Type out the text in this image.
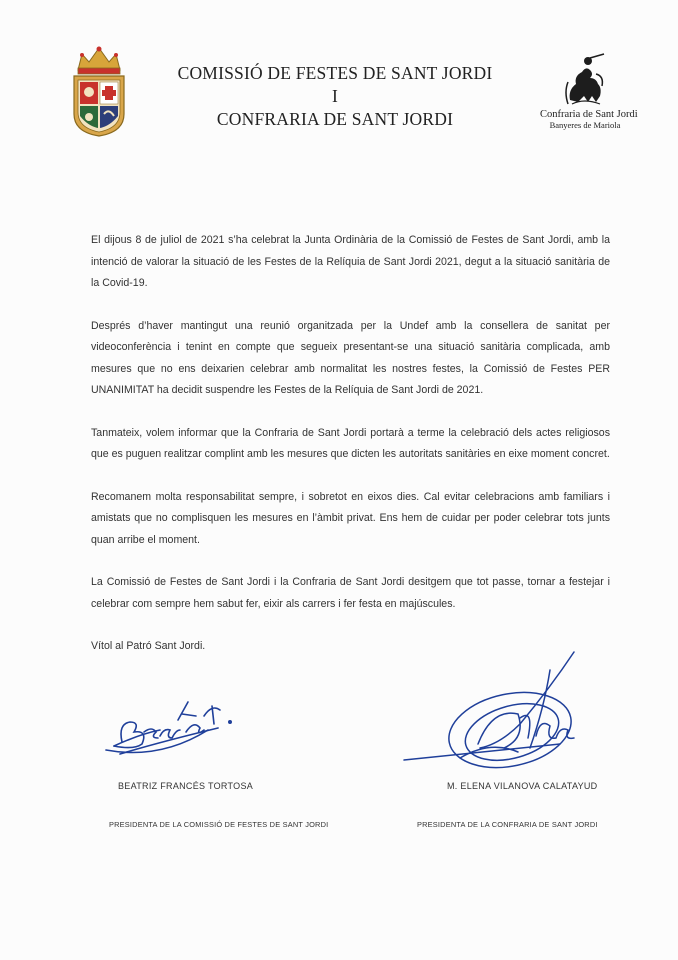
COMISSIÓ DE FESTES DE SANT JORDI
I
CONFRARIA DE SANT JORDI	Confraria de Sant Jordi
Banyeres de Mariola

El dijous 8 de juliol de 2021 s’ha celebrat la Junta Ordinària de la Comissió de Festes de Sant Jordi, amb la intenció de valorar la situació de les Festes de la Relíquia de Sant Jordi 2021, degut a la situació sanitària de la Covid-19.

Després d’haver mantingut una reunió organitzada per la Undef amb la consellera de sanitat per videoconferència i tenint en compte que segueix presentant-se una situació sanitària complicada, amb mesures que no ens deixarien celebrar amb normalitat les nostres festes, la Comissió de Festes PER UNANIMITAT ha decidit suspendre les Festes de la Relíquia de Sant Jordi de 2021.

Tanmateix, volem informar que la Confraria de Sant Jordi portarà a terme la celebració dels actes religiosos que es puguen realitzar complint amb les mesures que dicten les autoritats sanitàries en eixe moment concret.

Recomanem molta responsabilitat sempre, i sobretot en eixos dies. Cal evitar celebracions amb familiars i amistats que no complisquen les mesures en l’àmbit privat. Ens hem de cuidar per poder celebrar tots junts quan arribe el moment.

La Comissió de Festes de Sant Jordi i la Confraria de Sant Jordi desitgem que tot passe, tornar a festejar i celebrar com sempre hem sabut fer, eixir als carrers i fer festa en majúscules.

Vítol al Patró Sant Jordi.

BEATRIZ FRANCÉS TORTOSA	M. ELENA VILANOVA CALATAYUD
PRESIDENTA DE LA COMISSIÓ DE FESTES DE SANT JORDI	PRESIDENTA DE LA CONFRARIA DE SANT JORDI
